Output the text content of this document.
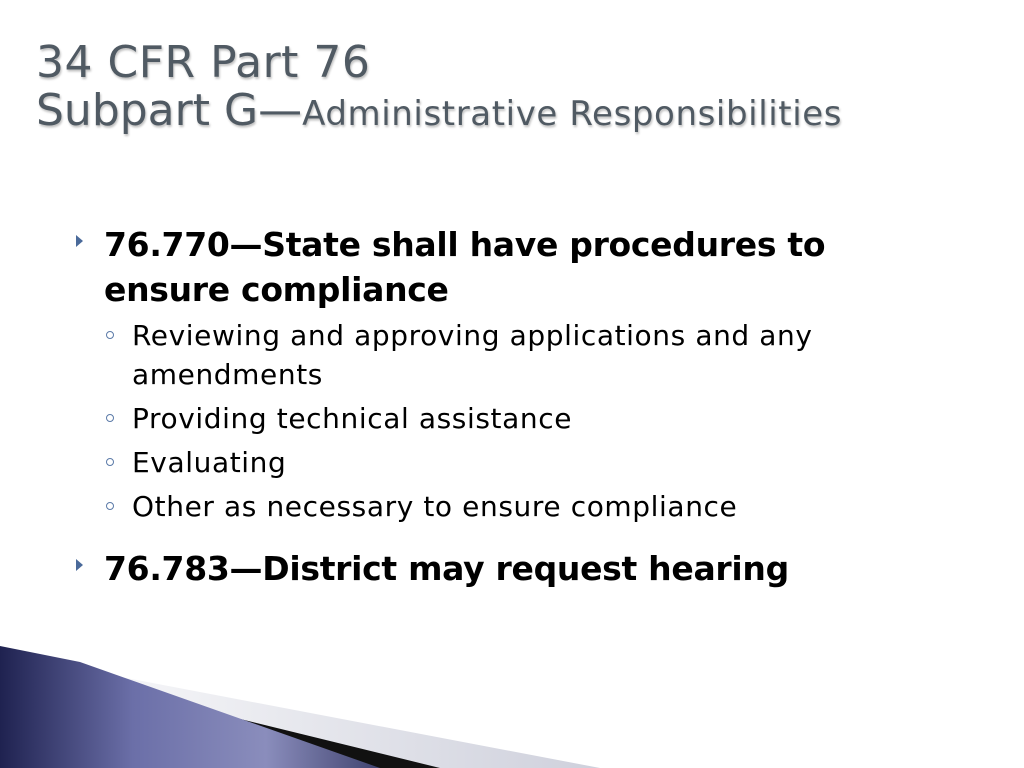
34 CFR Part 76
Subpart G—Administrative Responsibilities
76.770—State shall have procedures to ensure compliance
Reviewing and approving applications and any amendments
Providing technical assistance
Evaluating
Other as necessary to ensure compliance
76.783—District may request hearing
